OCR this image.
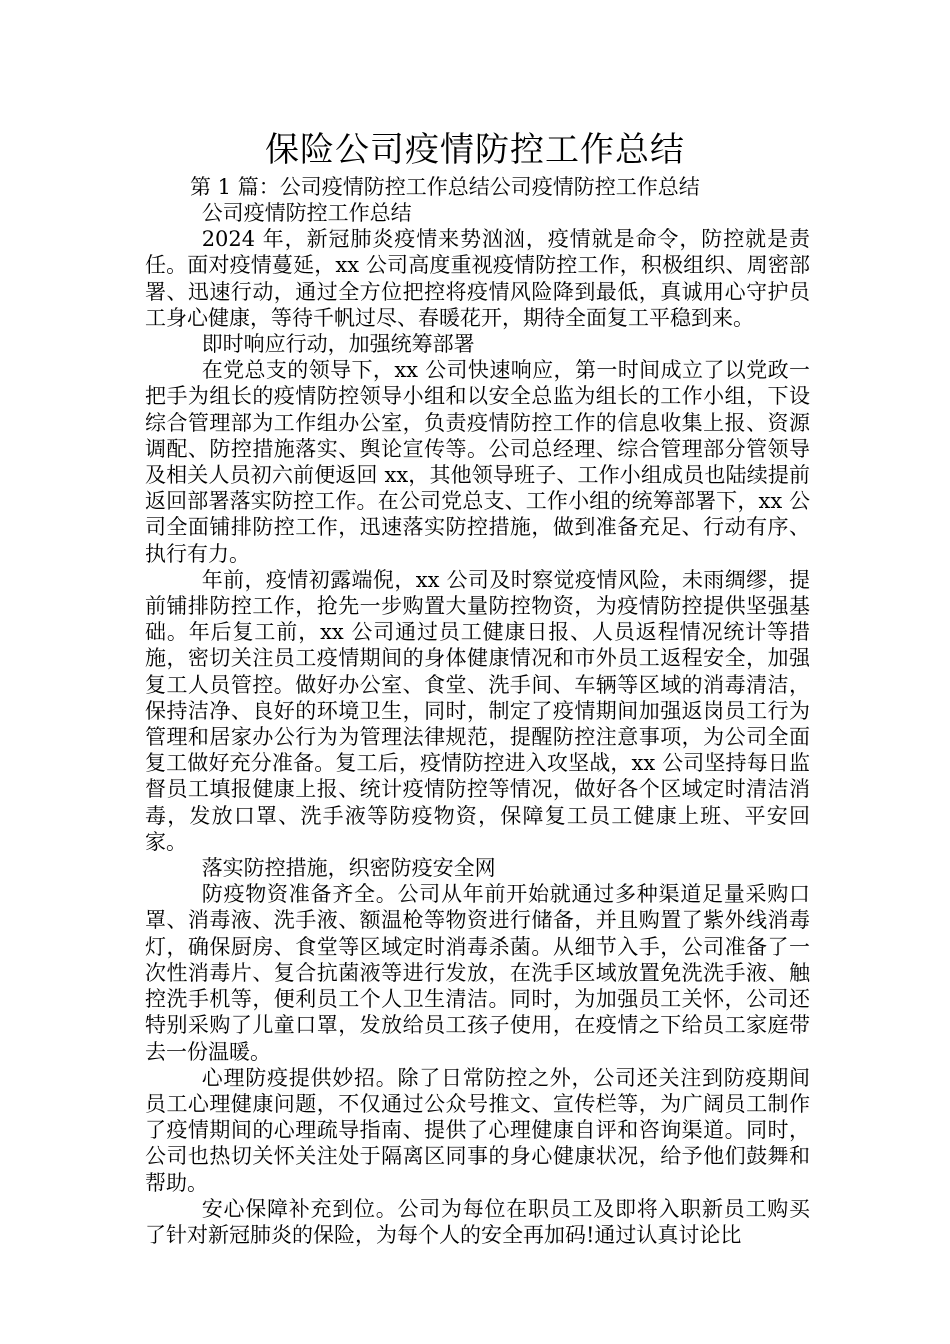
保险公司疫情防控工作总结
第 1 篇：公司疫情防控工作总结公司疫情防控工作总结

公司疫情防控工作总结

2024 年，新冠肺炎疫情来势汹汹，疫情就是命令，防控就是责任。面对疫情蔓延，xx 公司高度重视疫情防控工作，积极组织、周密部署、迅速行动，通过全方位把控将疫情风险降到最低，真诚用心守护员工身心健康，等待千帆过尽、春暖花开，期待全面复工平稳到来。

即时响应行动，加强统筹部署

在党总支的领导下，xx 公司快速响应，第一时间成立了以党政一把手为组长的疫情防控领导小组和以安全总监为组长的工作小组，下设综合管理部为工作组办公室，负责疫情防控工作的信息收集上报、资源调配、防控措施落实、舆论宣传等。公司总经理、综合管理部分管领导及相关人员初六前便返回 xx，其他领导班子、工作小组成员也陆续提前返回部署落实防控工作。在公司党总支、工作小组的统筹部署下，xx 公司全面铺排防控工作，迅速落实防控措施，做到准备充足、行动有序、执行有力。

年前，疫情初露端倪，xx 公司及时察觉疫情风险，未雨绸缪，提前铺排防控工作，抢先一步购置大量防控物资，为疫情防控提供坚强基础。年后复工前，xx 公司通过员工健康日报、人员返程情况统计等措施，密切关注员工疫情期间的身体健康情况和市外员工返程安全，加强复工人员管控。做好办公室、食堂、洗手间、车辆等区域的消毒清洁，保持洁净、良好的环境卫生，同时，制定了疫情期间加强返岗员工行为管理和居家办公行为为管理法律规范，提醒防控注意事项，为公司全面复工做好充分准备。复工后，疫情防控进入攻坚战，xx 公司坚持每日监督员工填报健康上报、统计疫情防控等情况，做好各个区域定时清洁消毒，发放口罩、洗手液等防疫物资，保障复工员工健康上班、平安回家。

落实防控措施，织密防疫安全网

防疫物资准备齐全。公司从年前开始就通过多种渠道足量采购口罩、消毒液、洗手液、额温枪等物资进行储备，并且购置了紫外线消毒灯，确保厨房、食堂等区域定时消毒杀菌。从细节入手，公司准备了一次性消毒片、复合抗菌液等进行发放，在洗手区域放置免洗洗手液、触控洗手机等，便利员工个人卫生清洁。同时，为加强员工关怀，公司还特别采购了儿童口罩，发放给员工孩子使用，在疫情之下给员工家庭带去一份温暖。

心理防疫提供妙招。除了日常防控之外，公司还关注到防疫期间员工心理健康问题，不仅通过公众号推文、宣传栏等，为广阔员工制作了疫情期间的心理疏导指南、提供了心理健康自评和咨询渠道。同时，公司也热切关怀关注处于隔离区同事的身心健康状况，给予他们鼓舞和帮助。

安心保障补充到位。公司为每位在职员工及即将入职新员工购买了针对新冠肺炎的保险，为每个人的安全再加码!通过认真讨论比
